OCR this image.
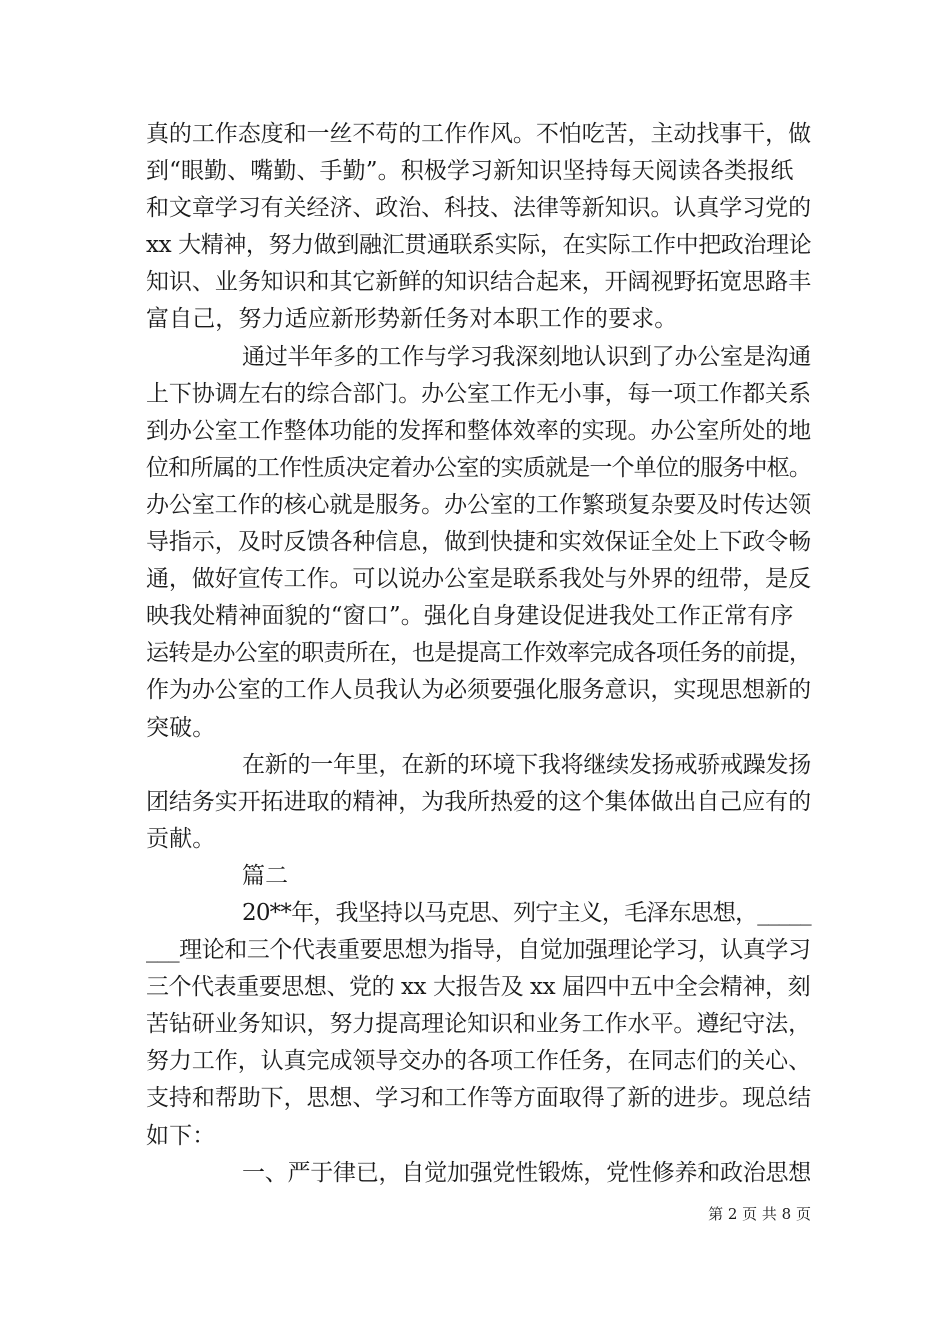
真的工作态度和一丝不苟的工作作风。不怕吃苦，主动找事干，做
到“眼勤、嘴勤、手勤”。积极学习新知识坚持每天阅读各类报纸
和文章学习有关经济、政治、科技、法律等新知识。认真学习党的
xx 大精神，努力做到融汇贯通联系实际，在实际工作中把政治理论
知识、业务知识和其它新鲜的知识结合起来，开阔视野拓宽思路丰
富自己，努力适应新形势新任务对本职工作的要求。
通过半年多的工作与学习我深刻地认识到了办公室是沟通
上下协调左右的综合部门。办公室工作无小事，每一项工作都关系
到办公室工作整体功能的发挥和整体效率的实现。办公室所处的地
位和所属的工作性质决定着办公室的实质就是一个单位的服务中枢。
办公室工作的核心就是服务。办公室的工作繁琐复杂要及时传达领
导指示，及时反馈各种信息，做到快捷和实效保证全处上下政令畅
通，做好宣传工作。可以说办公室是联系我处与外界的纽带，是反
映我处精神面貌的“窗口”。强化自身建设促进我处工作正常有序
运转是办公室的职责所在，也是提高工作效率完成各项任务的前提，
作为办公室的工作人员我认为必须要强化服务意识，实现思想新的
突破。
在新的一年里，在新的环境下我将继续发扬戒骄戒躁发扬
团结务实开拓进取的精神，为我所热爱的这个集体做出自己应有的
贡献。
篇二
20**年，我坚持以马克思、列宁主义，毛泽东思想，_____
___理论和三个代表重要思想为指导，自觉加强理论学习，认真学习
三个代表重要思想、党的 xx 大报告及 xx 届四中五中全会精神，刻
苦钻研业务知识，努力提高理论知识和业务工作水平。遵纪守法，
努力工作，认真完成领导交办的各项工作任务，在同志们的关心、
支持和帮助下，思想、学习和工作等方面取得了新的进步。现总结
如下：
一、严于律已，自觉加强党性锻炼，党性修养和政治思想
第 2 页 共 8 页
